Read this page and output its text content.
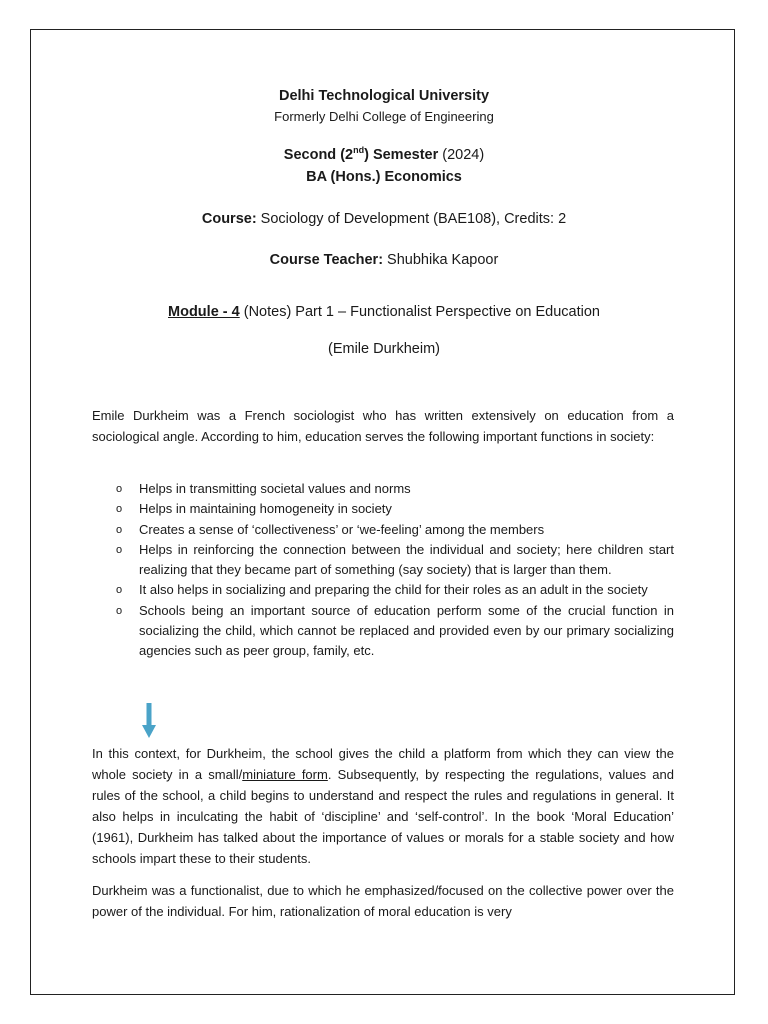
Delhi Technological University
Formerly Delhi College of Engineering
Second (2nd) Semester (2024)
BA (Hons.) Economics
Course: Sociology of Development (BAE108), Credits: 2
Course Teacher: Shubhika Kapoor
Module - 4 (Notes) Part 1 – Functionalist Perspective on Education
(Emile Durkheim)

Emile Durkheim was a French sociologist who has written extensively on education from a sociological angle. According to him, education serves the following important functions in society:

o Helps in transmitting societal values and norms
o Helps in maintaining homogeneity in society
o Creates a sense of ‘collectiveness’ or ‘we-feeling’ among the members
o Helps in reinforcing the connection between the individual and society; here children start realizing that they became part of something (say society) that is larger than them.
o It also helps in socializing and preparing the child for their roles as an adult in the society
o Schools being an important source of education perform some of the crucial function in socializing the child, which cannot be replaced and provided even by our primary socializing agencies such as peer group, family, etc.

In this context, for Durkheim, the school gives the child a platform from which they can view the whole society in a small/miniature form. Subsequently, by respecting the regulations, values and rules of the school, a child begins to understand and respect the rules and regulations in general. It also helps in inculcating the habit of ‘discipline’ and ‘self-control’. In the book ‘Moral Education’ (1961), Durkheim has talked about the importance of values or morals for a stable society and how schools impart these to their students.

Durkheim was a functionalist, due to which he emphasized/focused on the collective power over the power of the individual. For him, rationalization of moral education is very
